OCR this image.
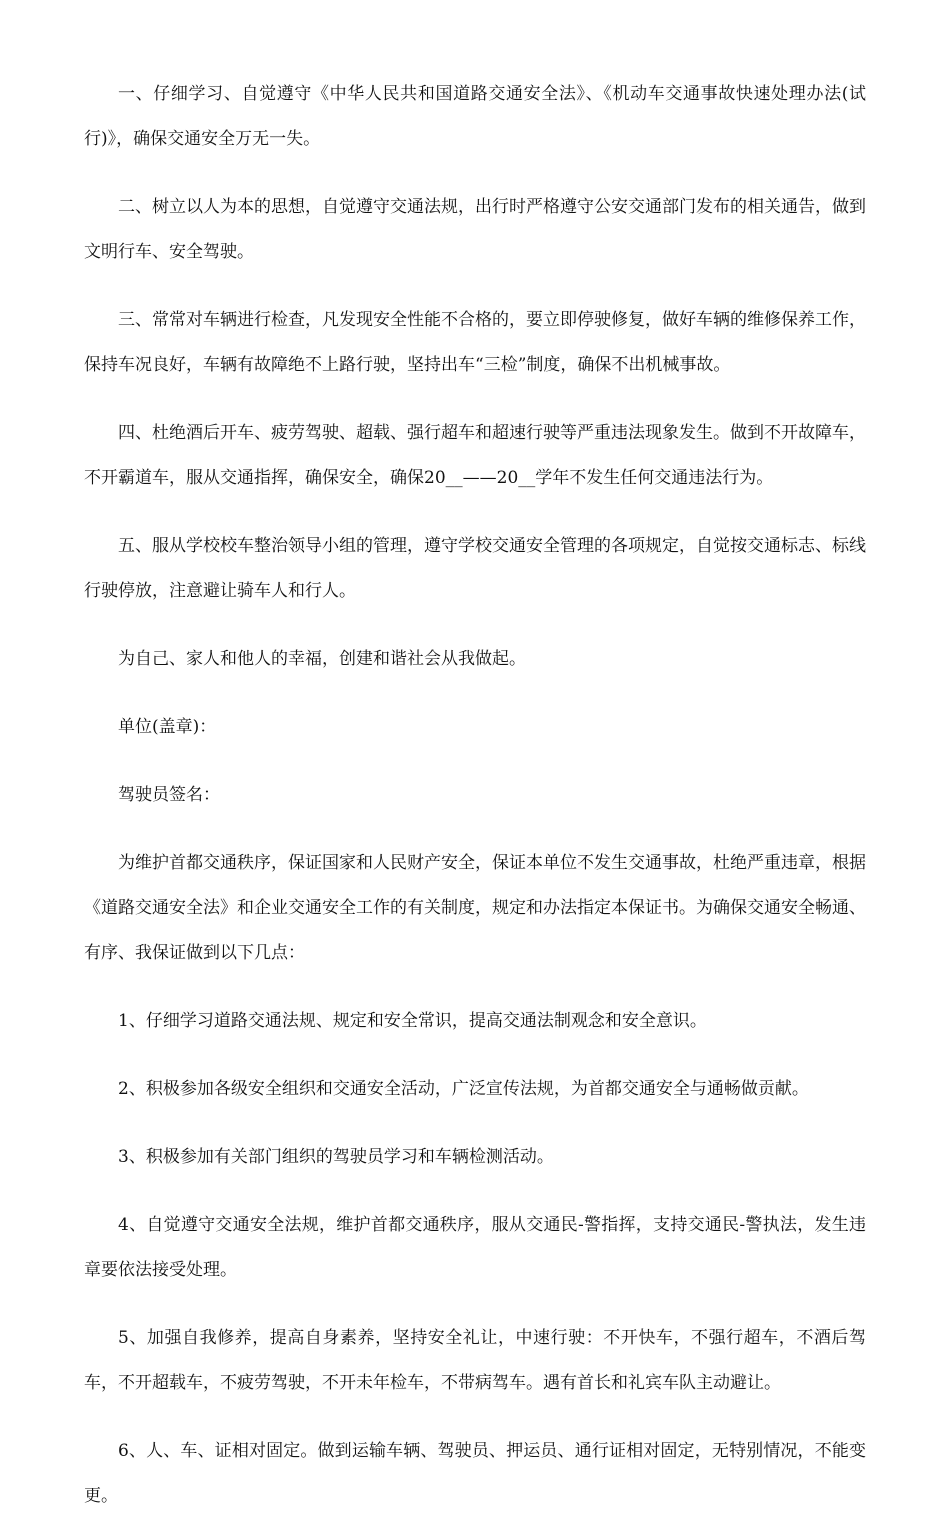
一、仔细学习、自觉遵守《中华人民共和国道路交通安全法》、《机动车交通事故快速处理办法(试行)》，确保交通安全万无一失。

二、树立以人为本的思想，自觉遵守交通法规，出行时严格遵守公安交通部门发布的相关通告，做到文明行车、安全驾驶。

三、常常对车辆进行检查，凡发现安全性能不合格的，要立即停驶修复，做好车辆的维修保养工作，保持车况良好，车辆有故障绝不上路行驶，坚持出车“三检”制度，确保不出机械事故。

四、杜绝酒后开车、疲劳驾驶、超载、强行超车和超速行驶等严重违法现象发生。做到不开故障车，不开霸道车，服从交通指挥，确保安全，确保20__——20__学年不发生任何交通违法行为。

五、服从学校校车整治领导小组的管理，遵守学校交通安全管理的各项规定，自觉按交通标志、标线行驶停放，注意避让骑车人和行人。

为自己、家人和他人的幸福，创建和谐社会从我做起。

单位(盖章)：

驾驶员签名：

为维护首都交通秩序，保证国家和人民财产安全，保证本单位不发生交通事故，杜绝严重违章，根据《道路交通安全法》和企业交通安全工作的有关制度，规定和办法指定本保证书。为确保交通安全畅通、有序、我保证做到以下几点：

1、仔细学习道路交通法规、规定和安全常识，提高交通法制观念和安全意识。

2、积极参加各级安全组织和交通安全活动，广泛宣传法规，为首都交通安全与通畅做贡献。

3、积极参加有关部门组织的驾驶员学习和车辆检测活动。

4、自觉遵守交通安全法规，维护首都交通秩序，服从交通民-警指挥，支持交通民-警执法，发生违章要依法接受处理。

5、加强自我修养，提高自身素养，坚持安全礼让，中速行驶：不开快车，不强行超车，不酒后驾车，不开超载车，不疲劳驾驶，不开未年检车，不带病驾车。遇有首长和礼宾车队主动避让。

6、人、车、证相对固定。做到运输车辆、驾驶员、押运员、通行证相对固定，无特别情况，不能变更。
